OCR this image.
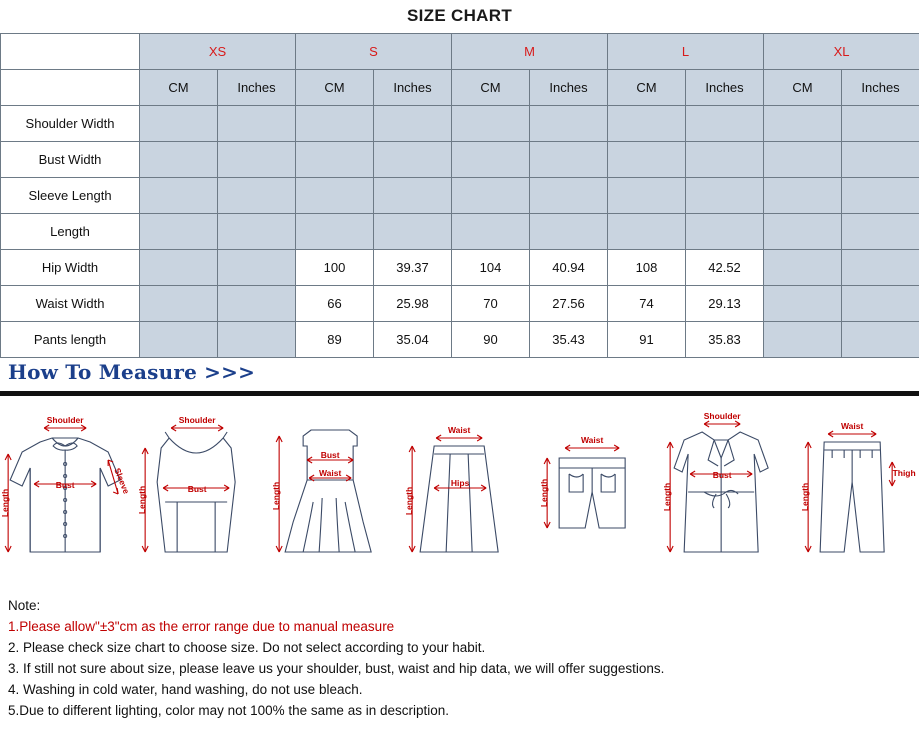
SIZE CHART
	XS		S		M		L		XL	
	CM	Inches	CM	Inches	CM	Inches	CM	Inches	CM	Inches
Shoulder Width										
Bust Width										
Sleeve Length										
Length										
Hip Width			100	39.37	104	40.94	108	42.52		
Waist Width			66	25.98	70	27.56	74	29.13		
Pants length			89	35.04	90	35.43	91	35.83		
How To Measure >>>
Shoulder
Bust	Sleeve
Length
Shoulder
Bust
Length
Bust
Waist
Length
Waist
Hips
Length
Waist
Length
Shoulder
Bust
Length
Waist
Thigh
Length
Note:
1.Please allow"±3"cm as the error range due to manual measure
2. Please check size chart to choose size. Do not select according to your habit.
3. If still not sure about size, please leave us your shoulder, bust, waist and hip data, we will offer suggestions.
4. Washing in cold water, hand washing, do not use bleach.
5.Due to different lighting, color may not 100% the same as in description.
